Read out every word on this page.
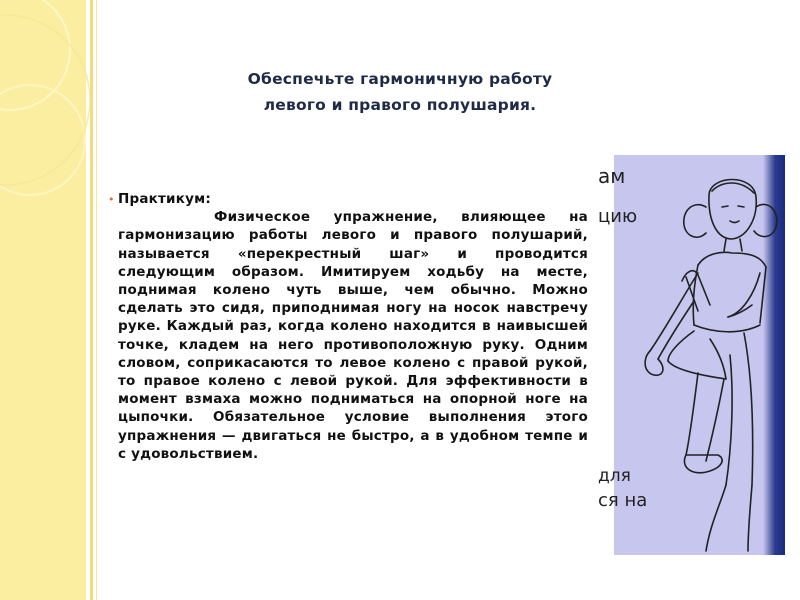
Обеспечьте гармоничную работу
левого и правого полушария.
ам
цию
для
ся на
• Практикум:
Физическое упражнение, влияющее на гармонизацию работы левого и правого полушарий, называется «перекрестный шаг» и проводится следующим образом. Имитируем ходьбу на месте, поднимая колено чуть выше, чем обычно. Можно сделать это сидя, приподнимая ногу на носок навстречу руке. Каждый раз, когда колено находится в наивысшей точке, кладем на него противоположную руку. Одним словом, соприкасаются то левое колено с правой рукой, то правое колено с левой рукой. Для эффективности в момент взмаха можно подниматься на опорной ноге на цыпочки. Обязательное условие выполнения этого упражнения — двигаться не быстро, а в удобном темпе и с удовольствием.
